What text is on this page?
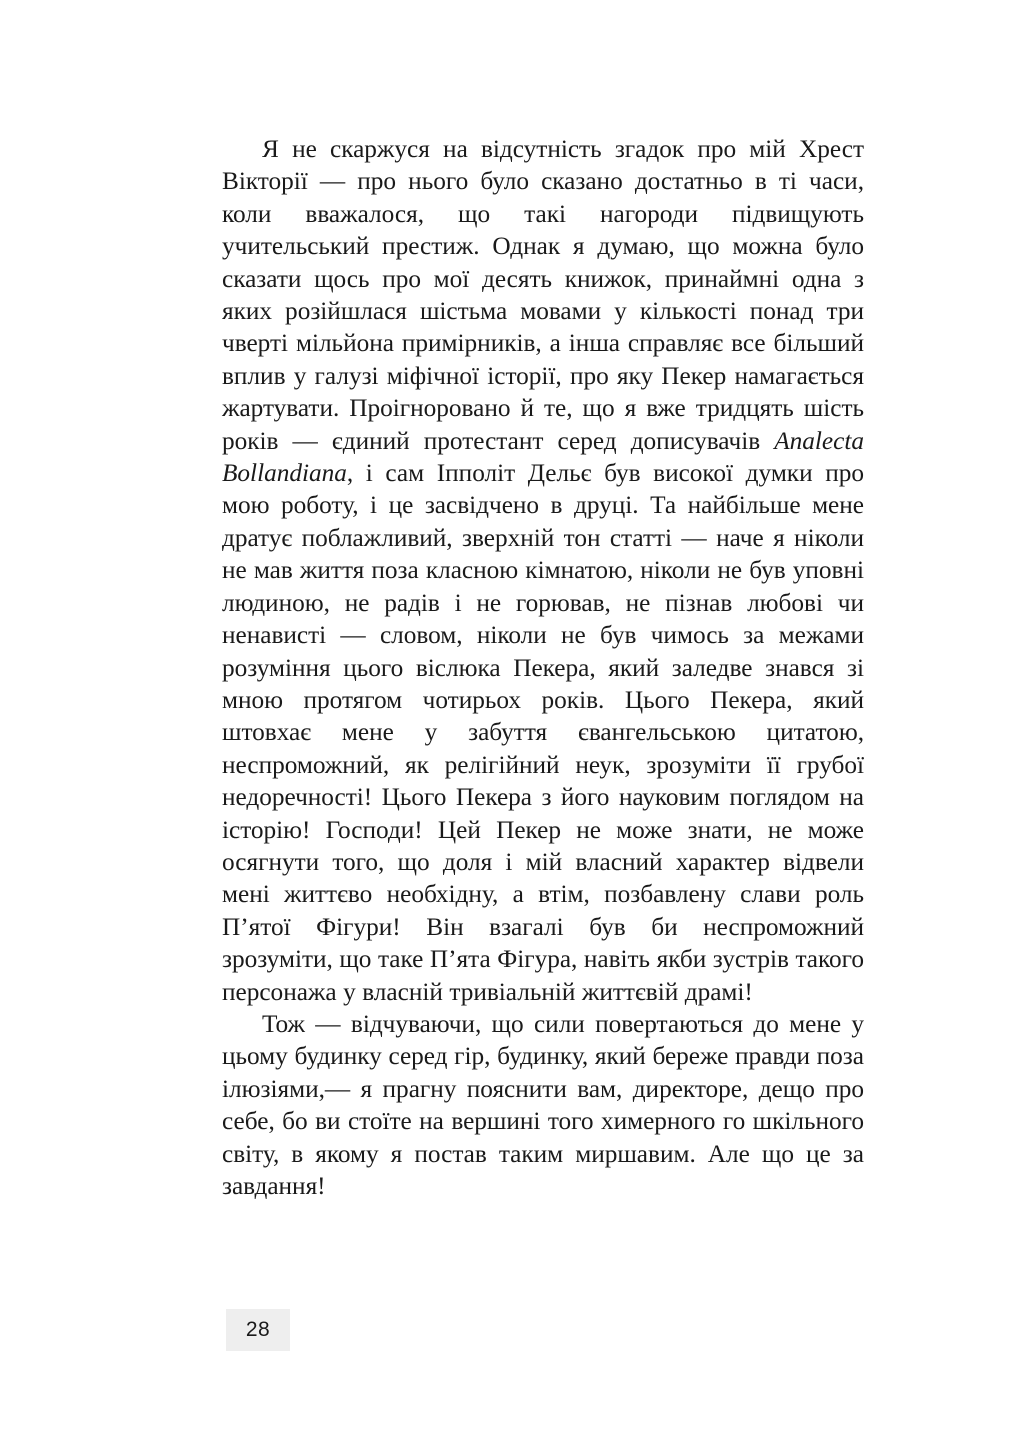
Я не скаржуся на відсутність згадок про мій Хрест Вікторії — про нього було сказано достатньо в ті часи, коли вважалося, що такі нагороди підвищують учительський престиж. Однак я думаю, що можна було сказати щось про мої десять книжок, принаймні одна з яких розійшлася шістьма мовами у кількості понад три чверті мільйона примірників, а інша справляє все більший вплив у галузі міфічної історії, про яку Пекер намагається жартувати. Проігноровано й те, що я вже тридцять шість років — єдиний протестант серед дописувачів Analecta Bollandiana, і сам Іпполіт Дельє був високої думки про мою роботу, і це засвідчено в друці. Та найбільше мене дратує поблажливий, зверхній тон статті — наче я ніколи не мав життя поза класною кімнатою, ніколи не був уповні людиною, не радів і не горював, не пізнав любові чи ненависті — словом, ніколи не був чимось за межами розуміння цього віслюка Пекера, який заледве знався зі мною протягом чотирьох років. Цього Пекера, який штовхає мене у забуття євангельською цитатою, неспроможний, як релігійний неук, зрозуміти її грубої недоречності! Цього Пекера з його науковим поглядом на історію! Господи! Цей Пекер не може знати, не може осягнути того, що доля і мій власний характер відвели мені життєво необхідну, а втім, позбавлену слави роль П’ятої Фігури! Він взагалі був би неспроможний зрозуміти, що таке П’ята Фігура, навіть якби зустрів такого персонажа у власній тривіальній життєвій драмі!

Тож — відчуваючи, що сили повертаються до мене у цьому будинку серед гір, будинку, який береже правди поза ілюзіями,— я прагну пояснити вам, директоре, дещо про себе, бо ви стоїте на вершині того химерного го шкільного світу, в якому я постав таким миршавим. Але що це за завдання!

28
